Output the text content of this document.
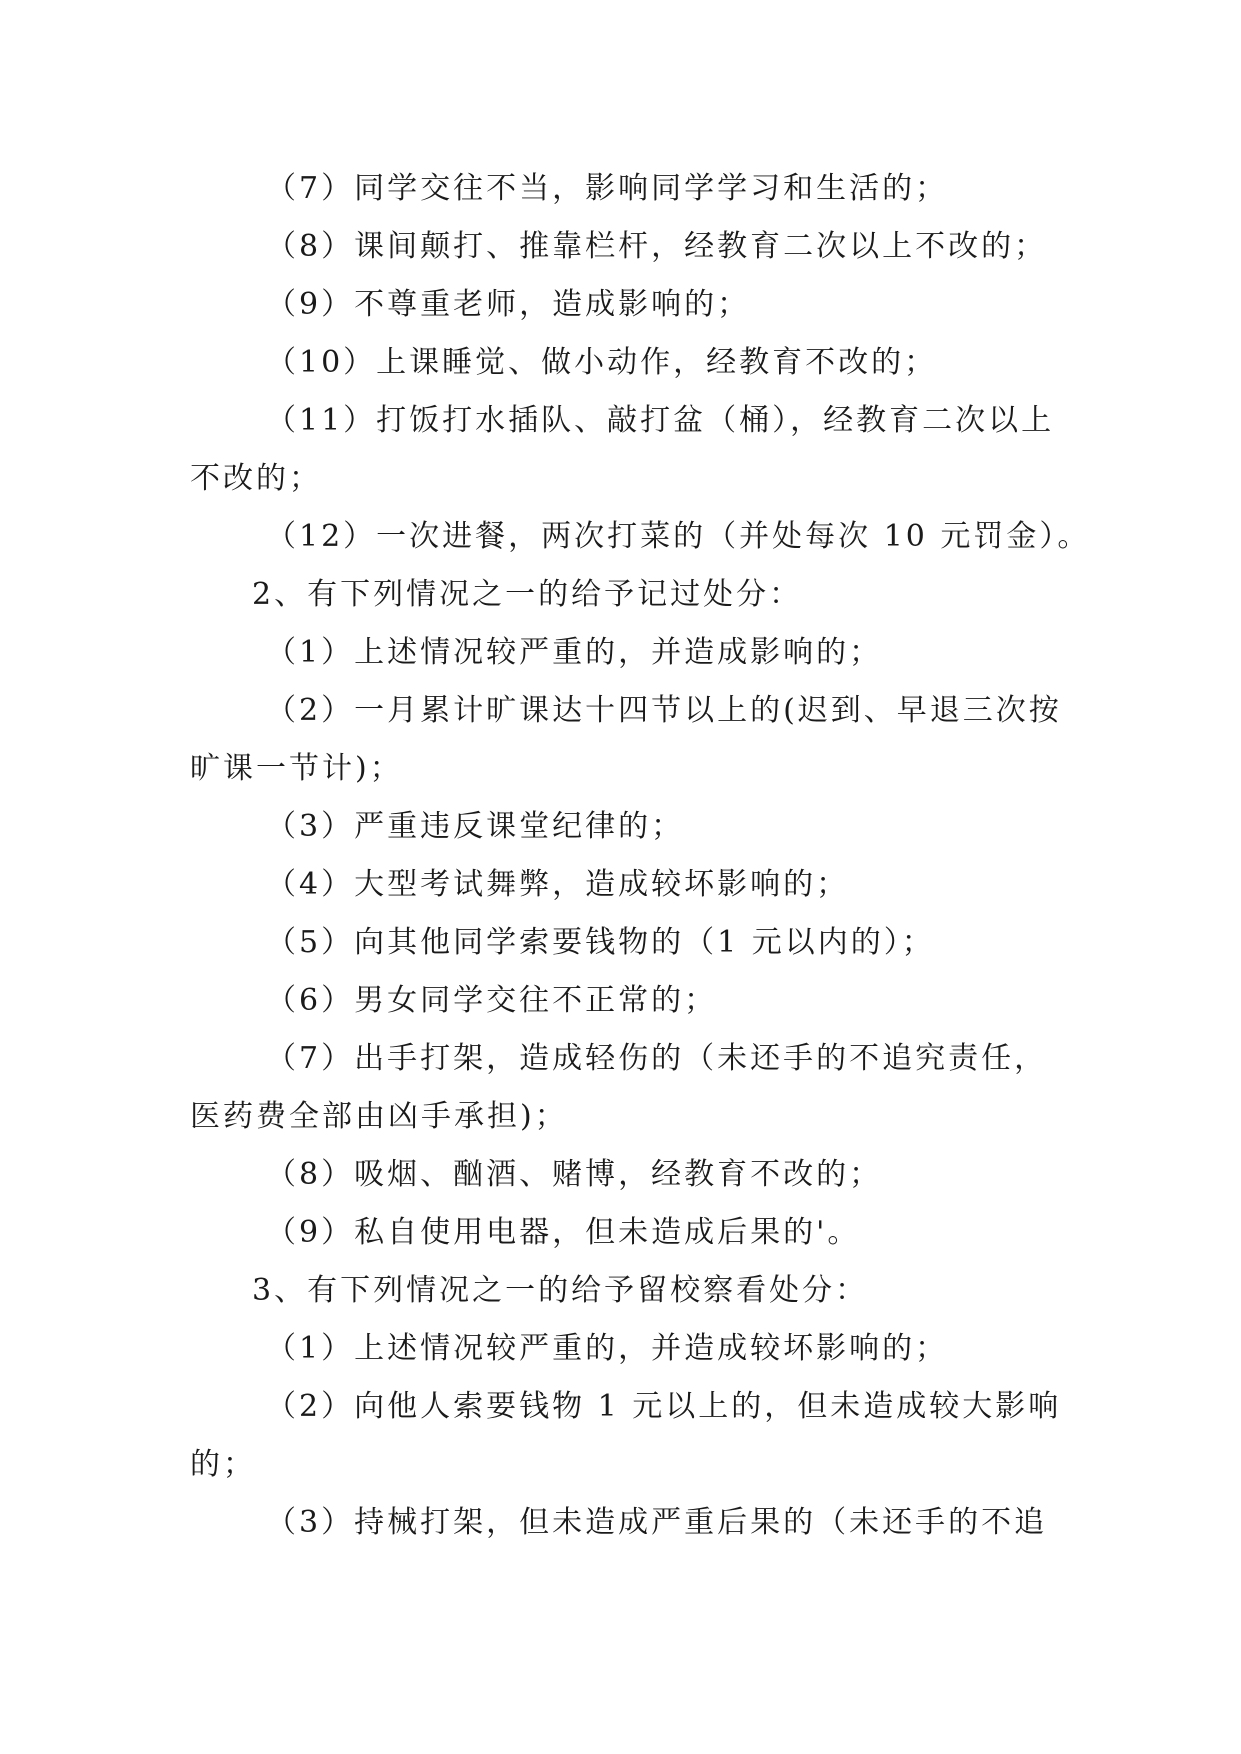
（7）同学交往不当，影响同学学习和生活的；
（8）课间颠打、推靠栏杆，经教育二次以上不改的；
（9）不尊重老师，造成影响的；
（10）上课睡觉、做小动作，经教育不改的；
（11）打饭打水插队、敲打盆（桶），经教育二次以上
不改的；
（12）一次进餐，两次打菜的（并处每次 10 元罚金）。
2、有下列情况之一的给予记过处分：
（1）上述情况较严重的，并造成影响的；
（2）一月累计旷课达十四节以上的(迟到、早退三次按
旷课一节计)；
（3）严重违反课堂纪律的；
（4）大型考试舞弊，造成较坏影响的；
（5）向其他同学索要钱物的（1 元以内的）；
（6）男女同学交往不正常的；
（7）出手打架，造成轻伤的（未还手的不追究责任，
医药费全部由凶手承担)；
（8）吸烟、酗酒、赌博，经教育不改的；
（9）私自使用电器，但未造成后果的'。
3、有下列情况之一的给予留校察看处分：
（1）上述情况较严重的，并造成较坏影响的；
（2）向他人索要钱物 1 元以上的，但未造成较大影响
的；
（3）持械打架，但未造成严重后果的（未还手的不追
